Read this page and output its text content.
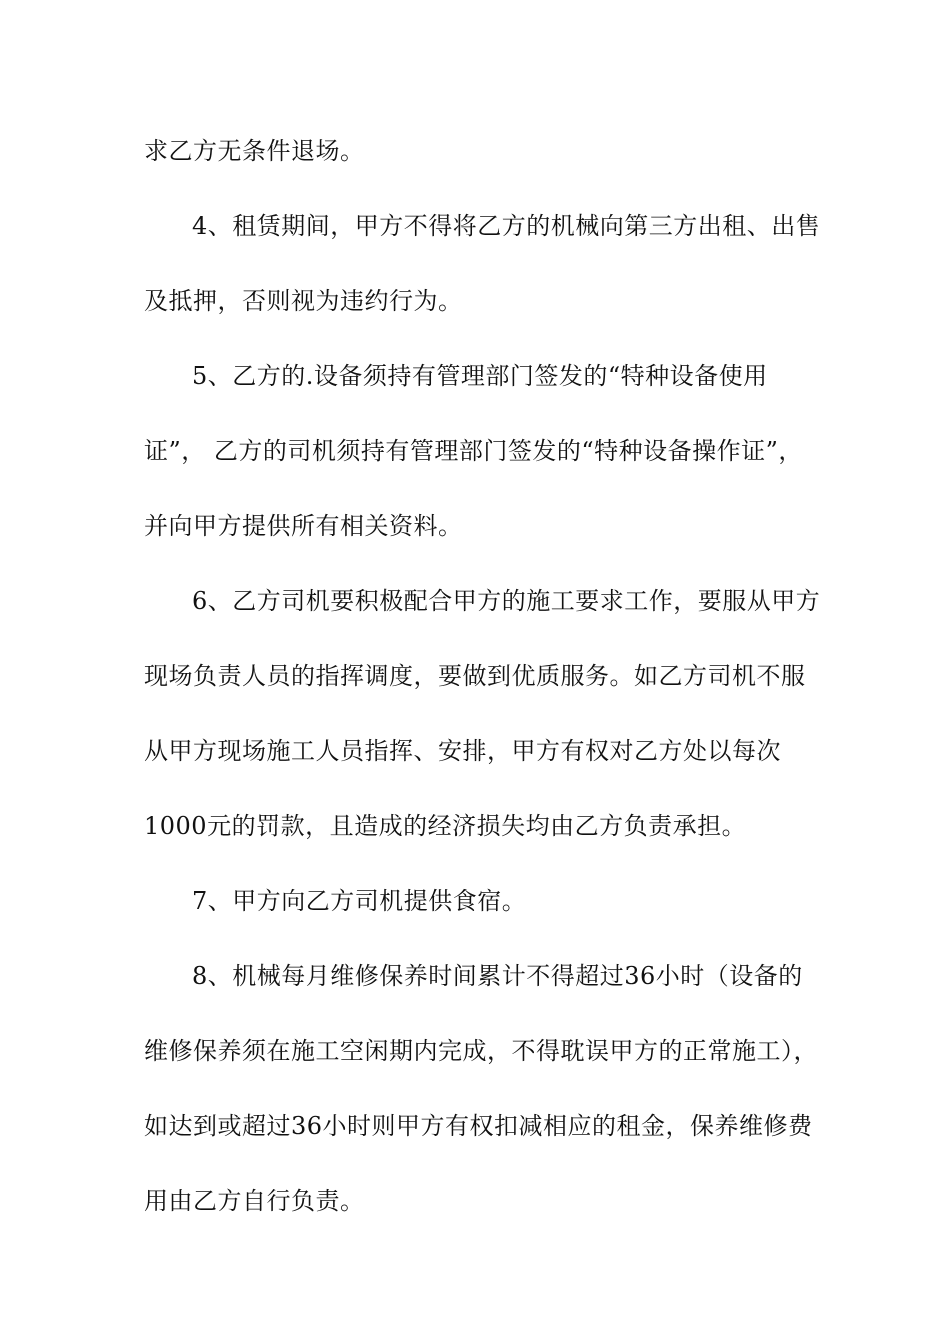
求乙方无条件退场。
4、租赁期间，甲方不得将乙方的机械向第三方出租、出售
及抵押，否则视为违约行为。
5、乙方的.设备须持有管理部门签发的“特种设备使用
证”， 乙方的司机须持有管理部门签发的“特种设备操作证”，
并向甲方提供所有相关资料。
6、乙方司机要积极配合甲方的施工要求工作，要服从甲方
现场负责人员的指挥调度，要做到优质服务。如乙方司机不服
从甲方现场施工人员指挥、安排，甲方有权对乙方处以每次
1000元的罚款，且造成的经济损失均由乙方负责承担。
7、甲方向乙方司机提供食宿。
8、机械每月维修保养时间累计不得超过36小时（设备的
维修保养须在施工空闲期内完成，不得耽误甲方的正常施工），
如达到或超过36小时则甲方有权扣减相应的租金，保养维修费
用由乙方自行负责。
